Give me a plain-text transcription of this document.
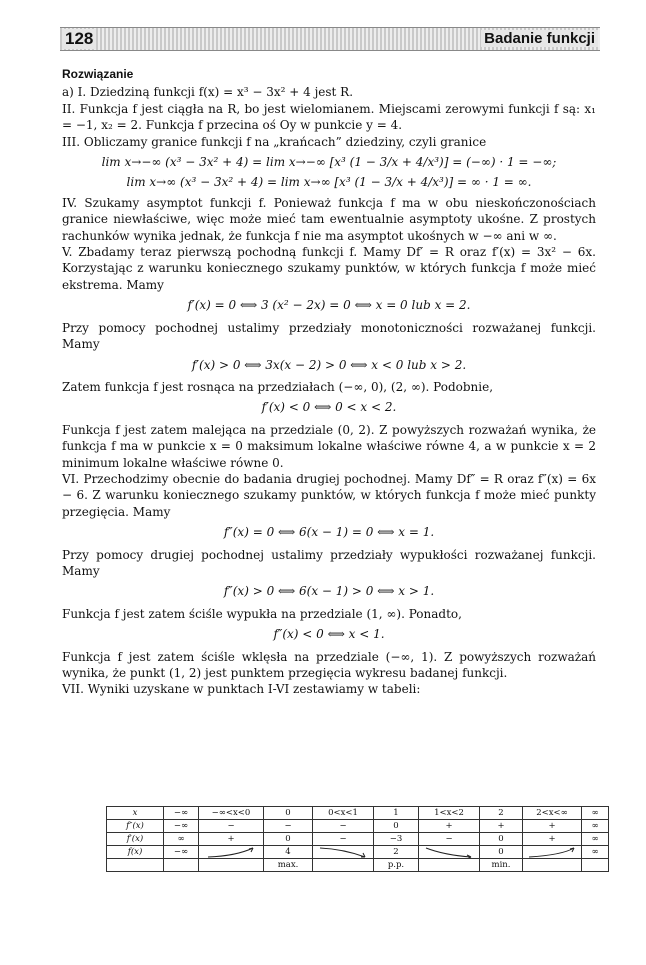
128	Badanie funkcji
Rozwiązanie

a) I. Dziedziną funkcji f(x) = x³ − 3x² + 4 jest R.

II. Funkcja f jest ciągła na R, bo jest wielomianem. Miejscami zerowymi funkcji f są: x₁ = −1, x₂ = 2. Funkcja f przecina oś Oy w punkcie y = 4.

III. Obliczamy granice funkcji f na „krańcach” dziedziny, czyli granice

lim x→−∞ (x³ − 3x² + 4) = lim x→−∞ [x³ (1 − 3/x + 4/x³)] = (−∞) · 1 = −∞;
lim x→∞ (x³ − 3x² + 4) = lim x→∞ [x³ (1 − 3/x + 4/x³)] = ∞ · 1 = ∞.

IV. Szukamy asymptot funkcji f. Ponieważ funkcja f ma w obu nieskończonościach granice niewłaściwe, więc może mieć tam ewentualnie asymptoty ukośne. Z prostych rachunków wynika jednak, że funkcja f nie ma asymptot ukośnych w −∞ ani w ∞.

V. Zbadamy teraz pierwszą pochodną funkcji f. Mamy Df′ = R oraz f′(x) = 3x² − 6x. Korzystając z warunku koniecznego szukamy punktów, w których funkcja f może mieć ekstrema. Mamy

f′(x) = 0 ⟺ 3 (x² − 2x) = 0 ⟺ x = 0 lub x = 2.

Przy pomocy pochodnej ustalimy przedziały monotoniczności rozważanej funkcji. Mamy

f′(x) > 0 ⟺ 3x(x − 2) > 0 ⟺ x < 0 lub x > 2.

Zatem funkcja f jest rosnąca na przedziałach (−∞, 0), (2, ∞). Podobnie,

f′(x) < 0 ⟺ 0 < x < 2.

Funkcja f jest zatem malejąca na przedziale (0, 2). Z powyższych rozważań wynika, że funkcja f ma w punkcie x = 0 maksimum lokalne właściwe równe 4, a w punkcie x = 2 minimum lokalne właściwe równe 0.

VI. Przechodzimy obecnie do badania drugiej pochodnej. Mamy Df″ = R oraz f″(x) = 6x − 6. Z warunku koniecznego szukamy punktów, w których funkcja f może mieć punkty przegięcia. Mamy

f″(x) = 0 ⟺ 6(x − 1) = 0 ⟺ x = 1.

Przy pomocy drugiej pochodnej ustalimy przedziały wypukłości rozważanej funkcji. Mamy

f″(x) > 0 ⟺ 6(x − 1) > 0 ⟺ x > 1.

Funkcja f jest zatem ściśle wypukła na przedziale (1, ∞). Ponadto,

f″(x) < 0 ⟺ x < 1.

Funkcja f jest zatem ściśle wklęsła na przedziale (−∞, 1). Z powyższych rozważań wynika, że punkt (1, 2) jest punktem przegięcia wykresu badanej funkcji.

VII. Wyniki uzyskane w punktach I-VI zestawiamy w tabeli:

x	−∞	−∞<x<0	0	0<x<1	1	1<x<2	2	2<x<∞	∞
f″(x)	−∞	−	−	−	0	+	+	+	∞
f′(x)	∞	+	0	−	−3	−	0	+	∞
f(x)	−∞		4		2		0		∞
			max.		p.p.		min.		
